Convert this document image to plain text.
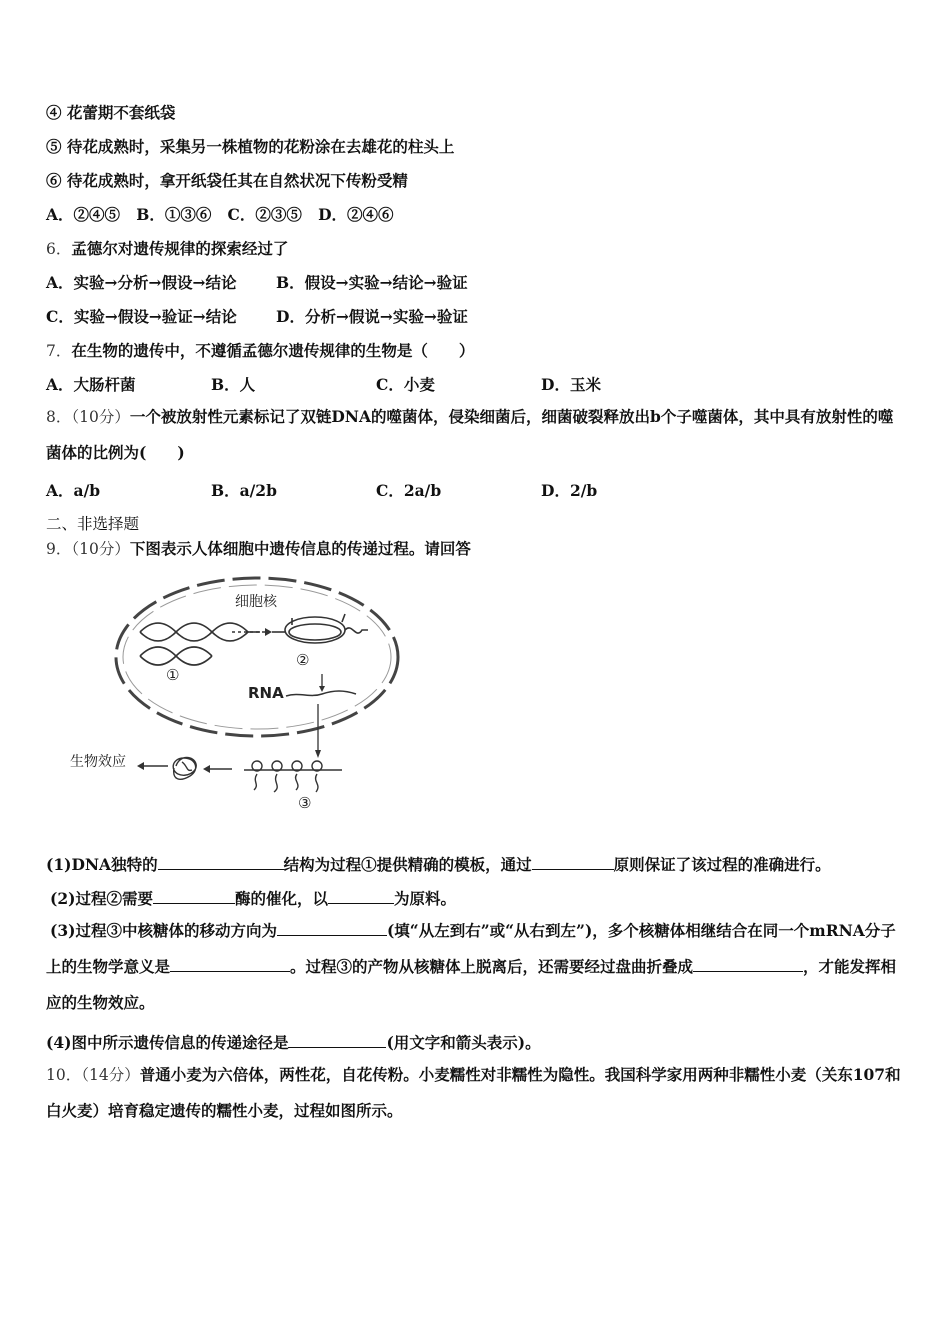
④ 花蕾期不套纸袋
⑤ 待花成熟时，采集另一株植物的花粉涂在去雄花的柱头上
⑥ 待花成熟时，拿开纸袋任其在自然状况下传粉受精
A．②④⑤ B．①③⑥ C．②③⑤ D．②④⑥
6．孟德尔对遗传规律的探索经过了
A．实验→分析→假设→结论	B．假设→实验→结论→验证
C．实验→假设→验证→结论	D．分析→假说→实验→验证
7．在生物的遗传中，不遵循孟德尔遗传规律的生物是（　　）
A．大肠杆菌	B．人	C．小麦	D．玉米
8．（10分）一个被放射性元素标记了双链DNA的噬菌体，侵染细菌后，细菌破裂释放出b个子噬菌体，其中具有放射性的噬菌体的比例为(　　)
A．a/b	B．a/2b	C．2a/b	D．2/b
二、非选择题
9．（10分）下图表示人体细胞中遗传信息的传递过程。请回答
细胞核
①
②
RNA
③
生物效应
(1)DNA独特的	结构为过程①提供精确的模板，通过	原则保证了该过程的准确进行。
(2)过程②需要	酶的催化，以	为原料。
(3)过程③中核糖体的移动方向为	(填“从左到右”或“从右到左”)，多个核糖体相继结合在同一个mRNA分子上的生物学意义是	。过程③的产物从核糖体上脱离后，还需要经过盘曲折叠成	，才能发挥相应的生物效应。
(4)图中所示遗传信息的传递途径是	(用文字和箭头表示)。
10．（14分）普通小麦为六倍体，两性花，自花传粉。小麦糯性对非糯性为隐性。我国科学家用两种非糯性小麦（关东107和白火麦）培育稳定遗传的糯性小麦，过程如图所示。
